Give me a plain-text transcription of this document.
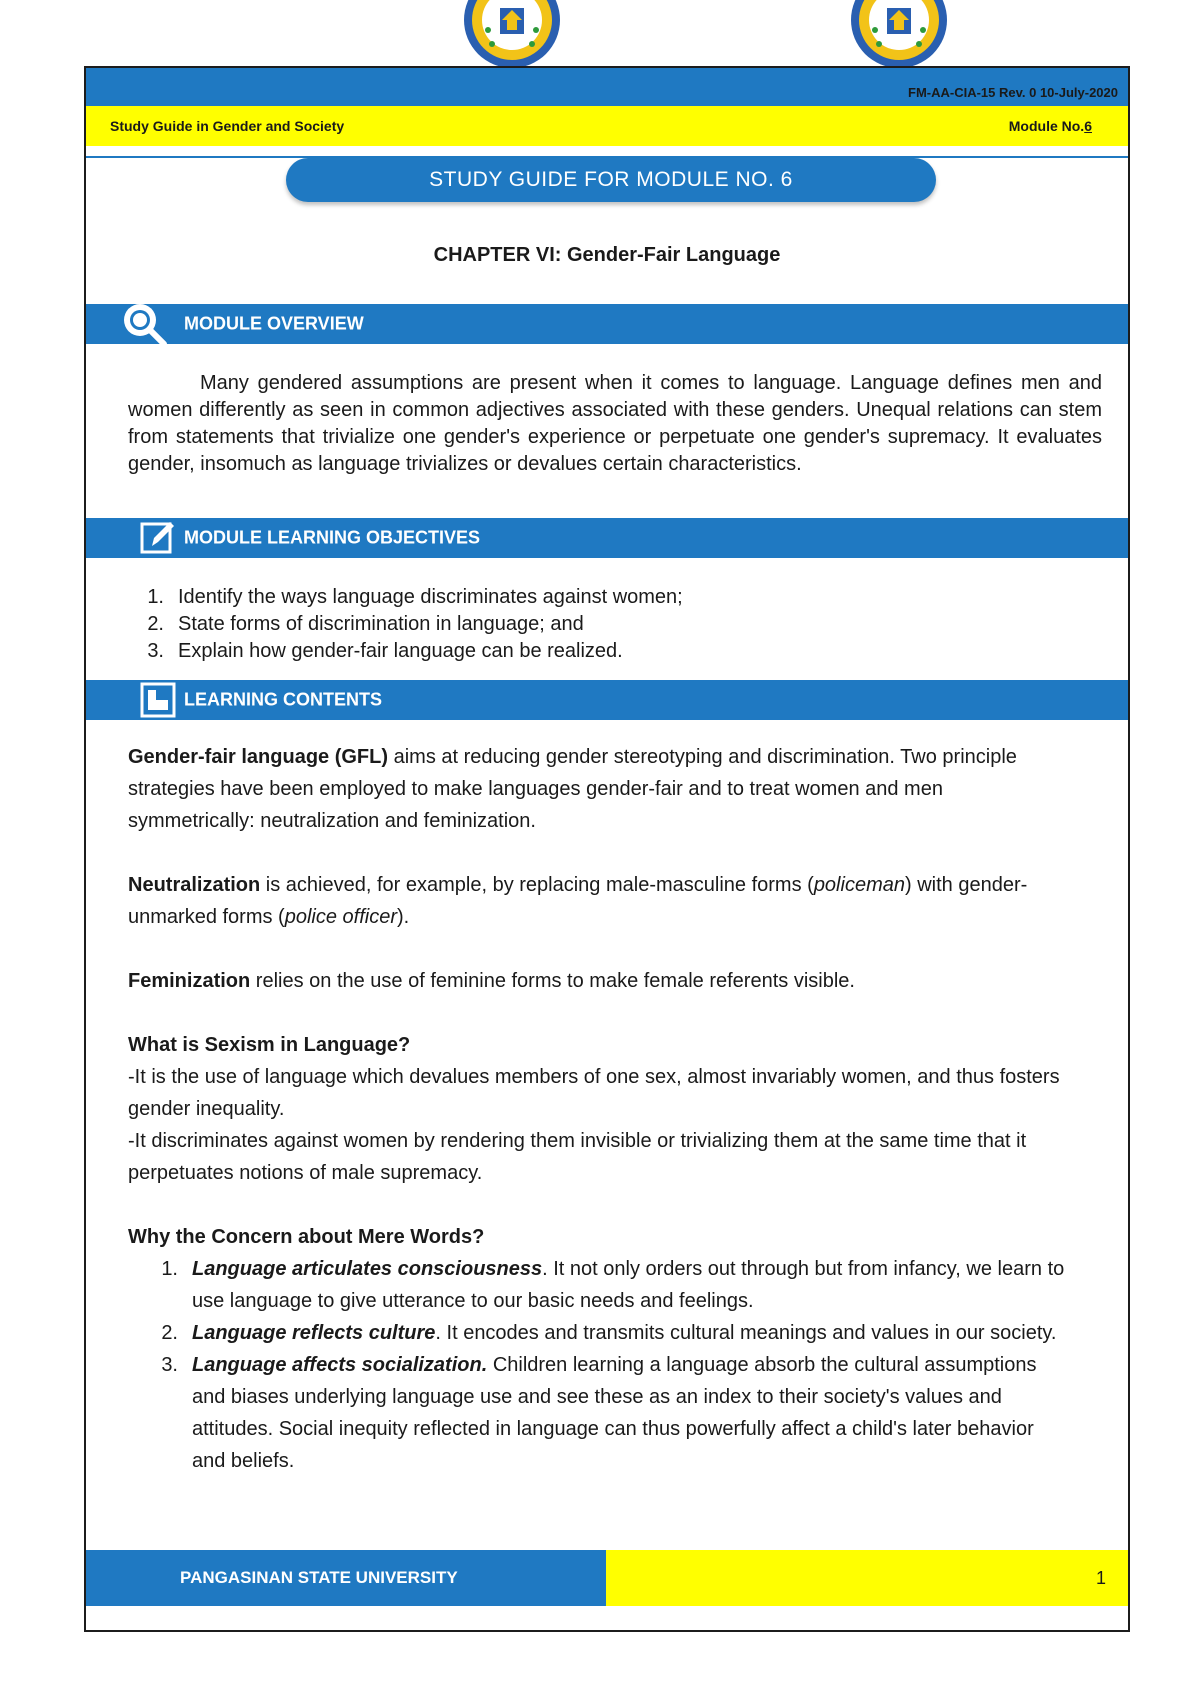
FM-AA-CIA-15 Rev. 0 10-July-2020
Study Guide in Gender and Society	Module No.6
STUDY GUIDE FOR MODULE NO. 6
CHAPTER VI: Gender-Fair Language
MODULE OVERVIEW
Many gendered assumptions are present when it comes to language. Language defines men and women differently as seen in common adjectives associated with these genders. Unequal relations can stem from statements that trivialize one gender's experience or perpetuate one gender's supremacy. It evaluates gender, insomuch as language trivializes or devalues certain characteristics.
MODULE LEARNING OBJECTIVES
1. Identify the ways language discriminates against women;
2. State forms of discrimination in language; and
3. Explain how gender-fair language can be realized.
LEARNING CONTENTS

Gender-fair language (GFL) aims at reducing gender stereotyping and discrimination. Two principle strategies have been employed to make languages gender-fair and to treat women and men symmetrically: neutralization and feminization.

Neutralization is achieved, for example, by replacing male-masculine forms (policeman) with gender-unmarked forms (police officer).

Feminization relies on the use of feminine forms to make female referents visible.

What is Sexism in Language?

-It is the use of language which devalues members of one sex, almost invariably women, and thus fosters gender inequality.

-It discriminates against women by rendering them invisible or trivializing them at the same time that it perpetuates notions of male supremacy.

Why the Concern about Mere Words?

1. Language articulates consciousness. It not only orders out through but from infancy, we learn to use language to give utterance to our basic needs and feelings.
2. Language reflects culture. It encodes and transmits cultural meanings and values in our society.
3. Language affects socialization. Children learning a language absorb the cultural assumptions and biases underlying language use and see these as an index to their society's values and attitudes. Social inequity reflected in language can thus powerfully affect a child's later behavior and beliefs.
PANGASINAN STATE UNIVERSITY	1
